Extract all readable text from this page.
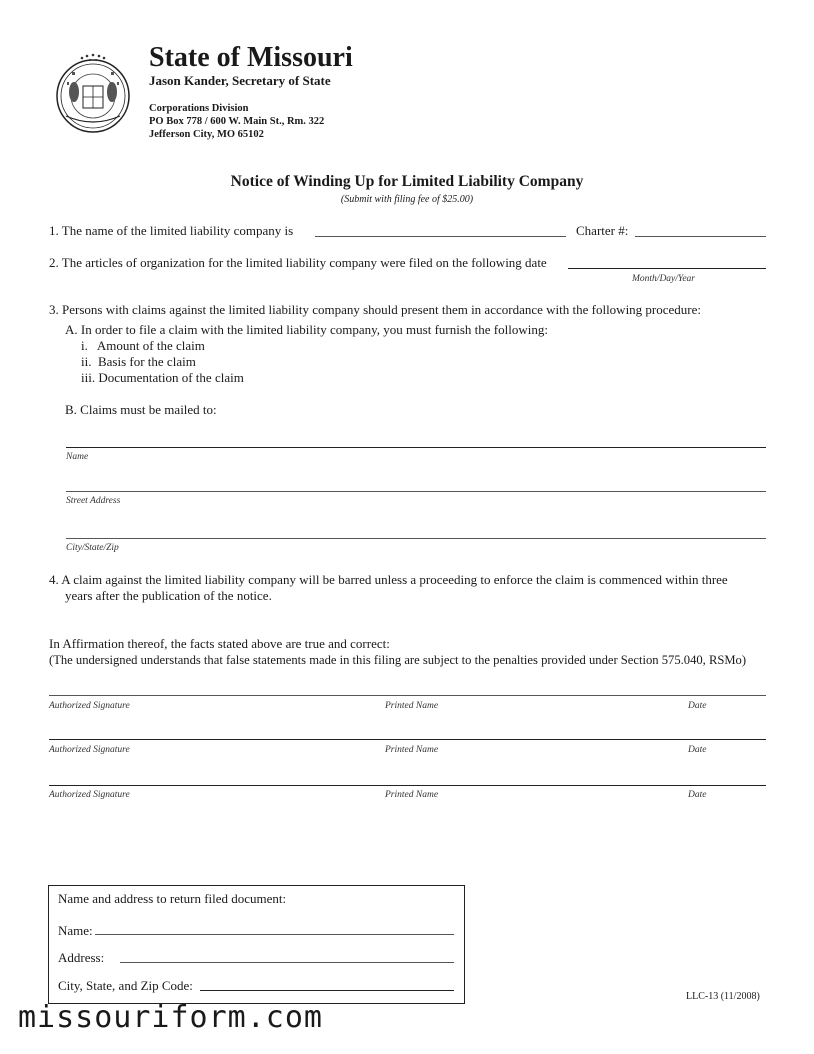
State of Missouri
Jason Kander, Secretary of State
Corporations Division
PO Box 778 / 600 W. Main St., Rm. 322
Jefferson City, MO 65102
Notice of Winding Up for Limited Liability Company
(Submit with filing fee of $25.00)
1. The name of the limited liability company is	Charter #:
2. The articles of organization for the limited liability company were filed on the following date
Month/Day/Year
3. Persons with claims against the limited liability company should present them in accordance with the following procedure:
A. In order to file a claim with the limited liability company, you must furnish the following:
i.   Amount of the claim
ii.  Basis for the claim
iii. Documentation of the claim
B. Claims must be mailed to:
Name
Street Address
City/State/Zip
4. A claim against the limited liability company will be barred unless a proceeding to enforce the claim is commenced within three
years after the publication of the notice.
In Affirmation thereof, the facts stated above are true and correct:
(The undersigned understands that false statements made in this filing are subject to the penalties provided under Section 575.040, RSMo)
Authorized Signature	Printed Name	Date
Authorized Signature	Printed Name	Date
Authorized Signature	Printed Name	Date
Name and address to return filed document:
Name:
Address:
City, State, and Zip Code:
LLC-13 (11/2008)
missouriform.com
